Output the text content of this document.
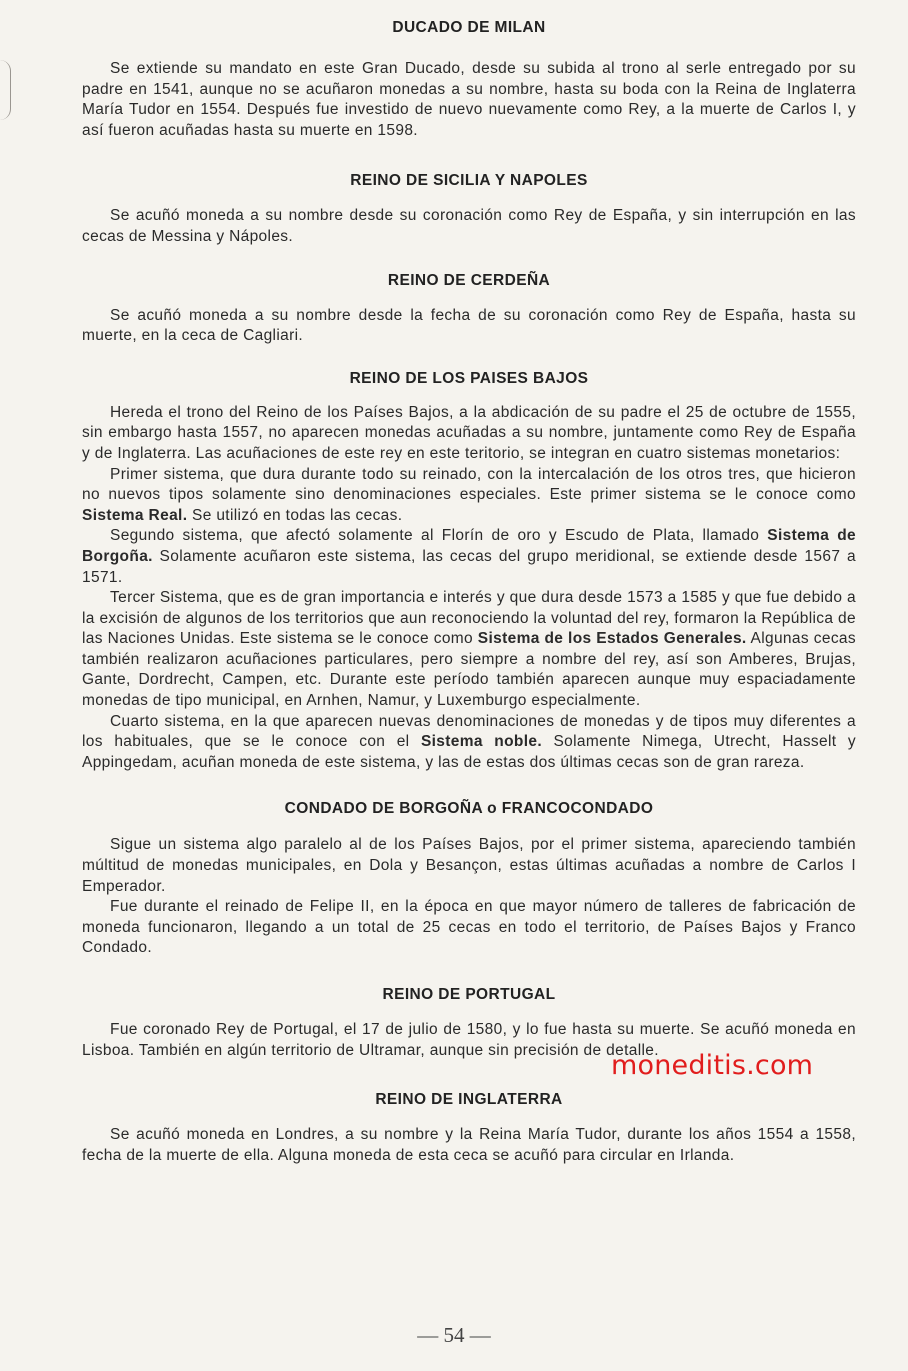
DUCADO DE MILAN

Se extiende su mandato en este Gran Ducado, desde su subida al trono al serle entregado por su padre en 1541, aunque no se acuñaron monedas a su nombre, hasta su boda con la Reina de Inglaterra María Tudor en 1554. Después fue investido de nuevo nuevamente como Rey, a la muerte de Carlos I, y así fueron acuñadas hasta su muerte en 1598.

REINO DE SICILIA Y NAPOLES

Se acuñó moneda a su nombre desde su coronación como Rey de España, y sin interrupción en las cecas de Messina y Nápoles.

REINO DE CERDEÑA

Se acuñó moneda a su nombre desde la fecha de su coronación como Rey de España, hasta su muerte, en la ceca de Cagliari.

REINO DE LOS PAISES BAJOS

Hereda el trono del Reino de los Países Bajos, a la abdicación de su padre el 25 de octubre de 1555, sin embargo hasta 1557, no aparecen monedas acuñadas a su nombre, juntamente como Rey de España y de Inglaterra. Las acuñaciones de este rey en este teritorio, se integran en cuatro sistemas monetarios:

Primer sistema, que dura durante todo su reinado, con la intercalación de los otros tres, que hicieron no nuevos tipos solamente sino denominaciones especiales. Este primer sistema se le conoce como Sistema Real. Se utilizó en todas las cecas.

Segundo sistema, que afectó solamente al Florín de oro y Escudo de Plata, llamado Sistema de Borgoña. Solamente acuñaron este sistema, las cecas del grupo meridional, se extiende desde 1567 a 1571.

Tercer Sistema, que es de gran importancia e interés y que dura desde 1573 a 1585 y que fue debido a la excisión de algunos de los territorios que aun reconociendo la voluntad del rey, formaron la República de las Naciones Unidas. Este sistema se le conoce como Sistema de los Estados Generales. Algunas cecas también realizaron acuñaciones particulares, pero siempre a nombre del rey, así son Amberes, Brujas, Gante, Dordrecht, Campen, etc. Durante este período también aparecen aunque muy espaciadamente monedas de tipo municipal, en Arnhen, Namur, y Luxemburgo especialmente.

Cuarto sistema, en la que aparecen nuevas denominaciones de monedas y de tipos muy diferentes a los habituales, que se le conoce con el Sistema noble. Solamente Nimega, Utrecht, Hasselt y Appingedam, acuñan moneda de este sistema, y las de estas dos últimas cecas son de gran rareza.

CONDADO DE BORGOÑA o FRANCOCONDADO

Sigue un sistema algo paralelo al de los Países Bajos, por el primer sistema, apareciendo también múltitud de monedas municipales, en Dola y Besançon, estas últimas acuñadas a nombre de Carlos I Emperador.

Fue durante el reinado de Felipe II, en la época en que mayor número de talleres de fabricación de moneda funcionaron, llegando a un total de 25 cecas en todo el territorio, de Países Bajos y Franco Condado.

REINO DE PORTUGAL

Fue coronado Rey de Portugal, el 17 de julio de 1580, y lo fue hasta su muerte. Se acuñó moneda en Lisboa. También en algún territorio de Ultramar, aunque sin precisión de detalle.

REINO DE INGLATERRA

Se acuñó moneda en Londres, a su nombre y la Reina María Tudor, durante los años 1554 a 1558, fecha de la muerte de ella. Alguna moneda de esta ceca se acuñó para circular en Irlanda.

moneditis.com
— 54 —
